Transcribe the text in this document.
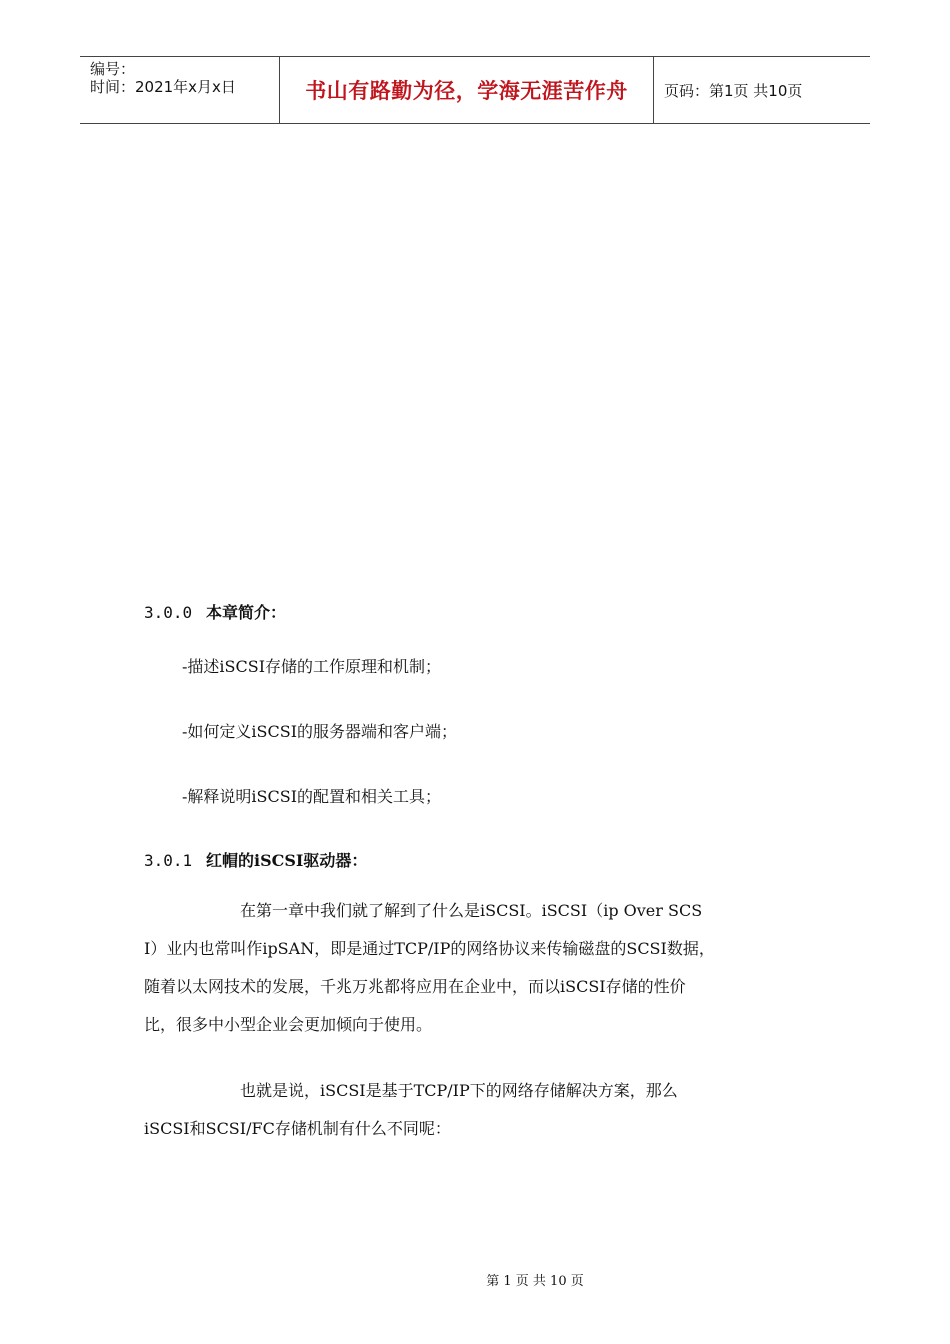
编号：
时间：2021年x月x日	书山有路勤为径，学海无涯苦作舟 页码：第1页 共10页
3.0.0 本章简介：
-描述iSCSI存储的工作原理和机制；
-如何定义iSCSI的服务器端和客户端；
-解释说明iSCSI的配置和相关工具；
3.0.1 红帽的iSCSI驱动器：
在第一章中我们就了解到了什么是iSCSI。iSCSI（ip Over SCS
I）业内也常叫作ipSAN，即是通过TCP/IP的网络协议来传输磁盘的SCSI数据，
随着以太网技术的发展，千兆万兆都将应用在企业中，而以iSCSI存储的性价
比，很多中小型企业会更加倾向于使用。
也就是说，iSCSI是基于TCP/IP下的网络存储解决方案，那么
iSCSI和SCSI/FC存储机制有什么不同呢：
第 1 页 共 10 页
